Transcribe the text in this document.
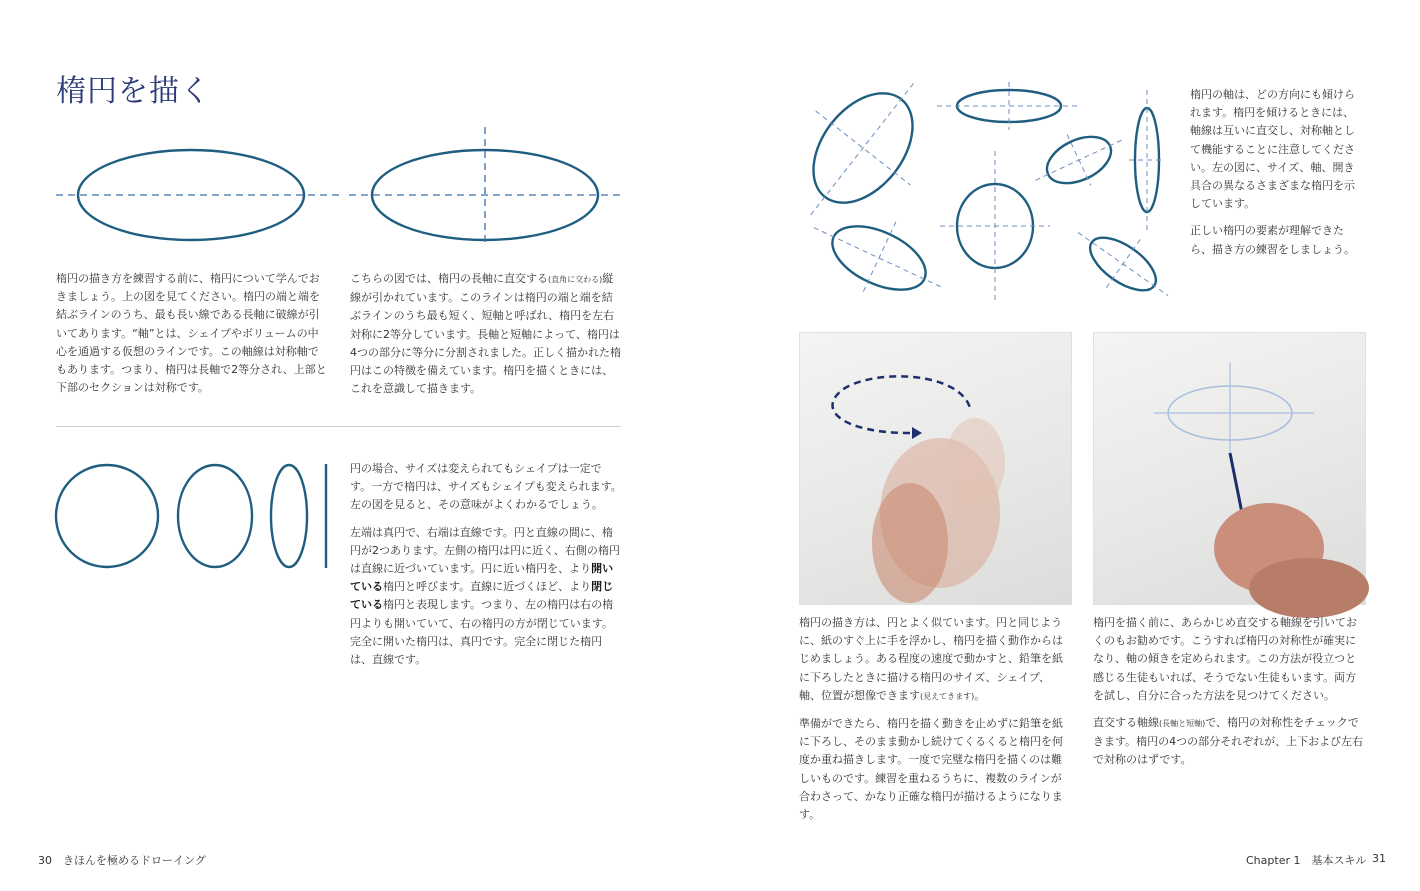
楕円を描く

楕円の描き方を練習する前に、楕円について学んでおきましょう。上の図を見てください。楕円の端と端を結ぶラインのうち、最も長い線である長軸に破線が引いてあります。“軸”とは、シェイプやボリュームの中心を通過する仮想のラインです。この軸線は対称軸でもあります。つまり、楕円は長軸で2等分され、上部と下部のセクションは対称です。

こちらの図では、楕円の長軸に直交する(直角に交わる)縦線が引かれています。このラインは楕円の端と端を結ぶラインのうち最も短く、短軸と呼ばれ、楕円を左右対称に2等分しています。長軸と短軸によって、楕円は4つの部分に等分に分割されました。正しく描かれた楕円はこの特徴を備えています。楕円を描くときには、これを意識して描きます。

円の場合、サイズは変えられてもシェイプは一定です。一方で楕円は、サイズもシェイプも変えられます。左の図を見ると、その意味がよくわかるでしょう。

左端は真円で、右端は直線です。円と直線の間に、楕円が2つあります。左側の楕円は円に近く、右側の楕円は直線に近づいています。円に近い楕円を、より開いている楕円と呼びます。直線に近づくほど、より閉じている楕円と表現します。つまり、左の楕円は右の楕円よりも開いていて、右の楕円の方が閉じています。完全に開いた楕円は、真円です。完全に閉じた楕円は、直線です。

30　きほんを極めるドローイング

楕円の軸は、どの方向にも傾けられます。楕円を傾けるときには、軸線は互いに直交し、対称軸として機能することに注意してください。左の図に、サイズ、軸、開き具合の異なるさまざまな楕円を示しています。

正しい楕円の要素が理解できたら、描き方の練習をしましょう。

楕円の描き方は、円とよく似ています。円と同じように、紙のすぐ上に手を浮かし、楕円を描く動作からはじめましょう。ある程度の速度で動かすと、鉛筆を紙に下ろしたときに描ける楕円のサイズ、シェイプ、軸、位置が想像できます(見えてきます)。

準備ができたら、楕円を描く動きを止めずに鉛筆を紙に下ろし、そのまま動かし続けてくるくると楕円を何度か重ね描きします。一度で完璧な楕円を描くのは難しいものです。練習を重ねるうちに、複数のラインが合わさって、かなり正確な楕円が描けるようになります。

楕円を描く前に、あらかじめ直交する軸線を引いておくのもお勧めです。こうすれば楕円の対称性が確実になり、軸の傾きを定められます。この方法が役立つと感じる生徒もいれば、そうでない生徒もいます。両方を試し、自分に合った方法を見つけてください。

直交する軸線(長軸と短軸)で、楕円の対称性をチェックできます。楕円の4つの部分それぞれが、上下および左右で対称のはずです。

Chapter 1　基本スキル 31
